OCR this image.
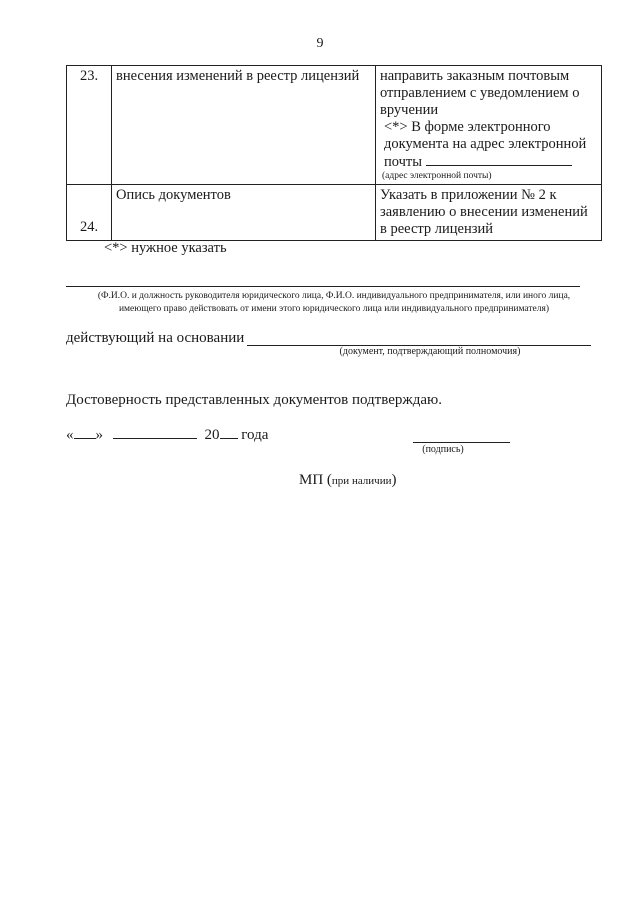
9
23.	внесения изменений в реестр лицензий	направить заказным почтовым отправлением с уведомлением о вручении
<*> В форме электронного документа на адрес электронной почты
(адрес электронной почты)

24.	Опись документов	Указать в приложении № 2 к заявлению о внесении изменений в реестр лицензий
<*> нужное указать
(Ф.И.О. и должность руководителя юридического лица, Ф.И.О. индивидуального предпринимателя, или иного лица,
имеющего право действовать от имени этого юридического лица или индивидуального предпринимателя)
действующий на основании
(документ, подтверждающий полномочия)
Достоверность представленных документов подтверждаю.
« »	20 года
(подпись)
МП (при наличии)
